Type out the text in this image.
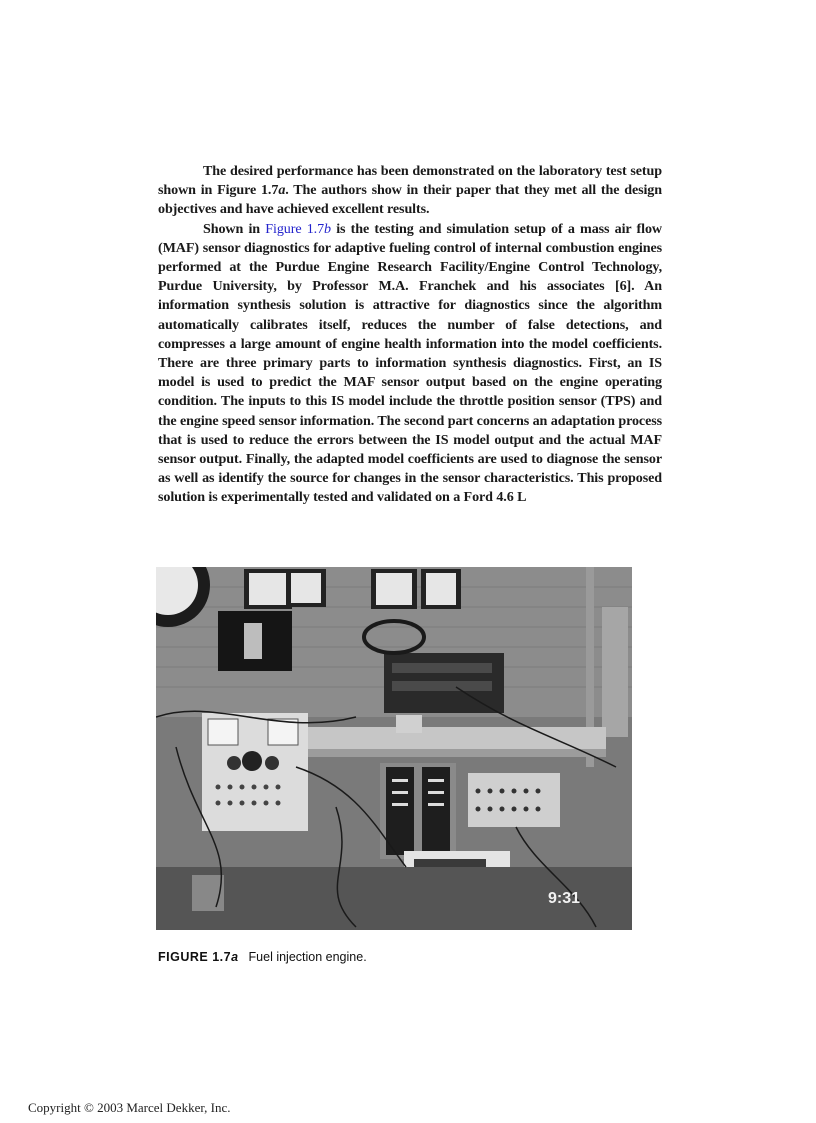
The desired performance has been demonstrated on the laboratory test setup shown in Figure 1.7a. The authors show in their paper that they met all the design objectives and have achieved excellent results.

Shown in Figure 1.7b is the testing and simulation setup of a mass air flow (MAF) sensor diagnostics for adaptive fueling control of internal combustion engines performed at the Purdue Engine Research Facility/Engine Control Technology, Purdue University, by Professor M.A. Franchek and his associates [6]. An information synthesis solution is attractive for diagnostics since the algorithm automatically calibrates itself, reduces the number of false detections, and compresses a large amount of engine health information into the model coefficients. There are three primary parts to information synthesis diagnostics. First, an IS model is used to predict the MAF sensor output based on the engine operating condition. The inputs to this IS model include the throttle position sensor (TPS) and the engine speed sensor information. The second part concerns an adaptation process that is used to reduce the errors between the IS model output and the actual MAF sensor output. Finally, the adapted model coefficients are used to diagnose the sensor as well as identify the source for changes in the sensor characteristics. This proposed solution is experimentally tested and validated on a Ford 4.6 L

9:31
FIGURE 1.7a Fuel injection engine.
Copyright © 2003 Marcel Dekker, Inc.
